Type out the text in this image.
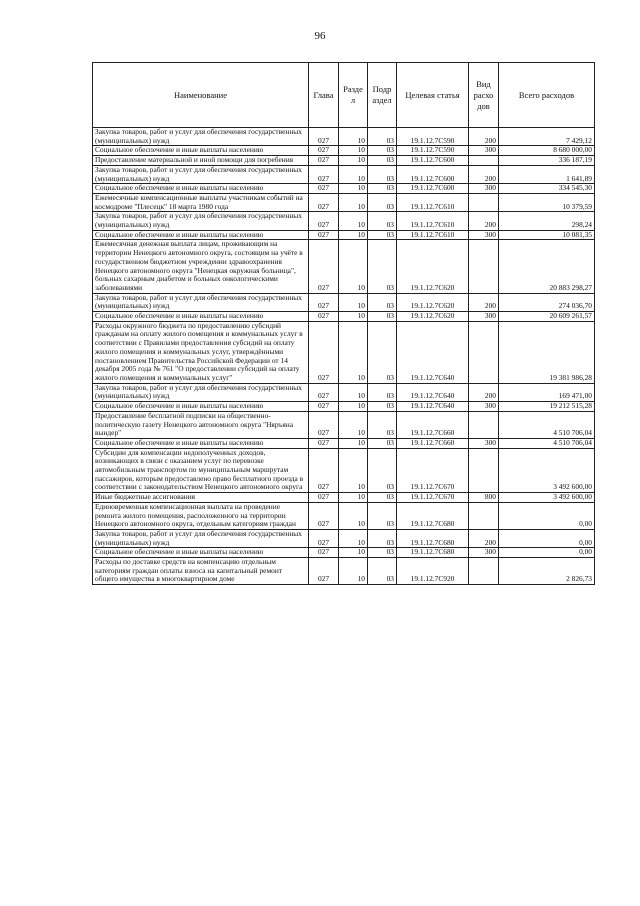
96
Наименование	Глава	Разде л	Подр аздел	Целевая статья	Вид расхо дов	Всего расходов
Закупка товаров, работ и услуг для обеспечения государственных (муниципальных) нужд	027	10	03	19.1.12.7С590	200	7 429,12
Социальное обеспечение и иные выплаты населению	027	10	03	19.1.12.7С590	300	8 680 000,00
Предоставление материальной и иной помощи для погребения	027	10	03	19.1.12.7С600		336 187,19
Закупка товаров, работ и услуг для обеспечения государственных (муниципальных) нужд	027	10	03	19.1.12.7С600	200	1 641,89
Социальное обеспечение и иные выплаты населению	027	10	03	19.1.12.7С600	300	334 545,30
Ежемесячные компенсационные выплаты участникам событий на космодроме "Плесецк" 18 марта 1980 года	027	10	03	19.1.12.7С610		10 379,59
Закупка товаров, работ и услуг для обеспечения государственных (муниципальных) нужд	027	10	03	19.1.12.7С610	200	298,24
Социальное обеспечение и иные выплаты населению	027	10	03	19.1.12.7С610	300	10 081,35
Ежемесячная денежная выплата лицам, проживающим на территории Ненецкого автономного округа, состоящим на учёте в государственном бюджетном учреждении здравоохранения Ненецкого автономного округа "Ненецкая окружная больница", больных сахарным диабетом и больных онкологическими заболеваниями	027	10	03	19.1.12.7С620		20 883 298,27
Закупка товаров, работ и услуг для обеспечения государственных (муниципальных) нужд	027	10	03	19.1.12.7С620	200	274 036,70
Социальное обеспечение и иные выплаты населению	027	10	03	19.1.12.7С620	300	20 609 261,57
Расходы окружного бюджета по предоставлению субсидий гражданам на оплату жилого помещения и коммунальных услуг в соответствии с Правилами предоставления субсидий на оплату жилого помещения и коммунальных услуг, утверждёнными постановлением Правительства Российской Федерации от 14 декабря 2005 года № 761 "О предоставлении субсидий на оплату жилого помещения и коммунальных услуг"	027	10	03	19.1.12.7С640		19 381 986,28
Закупка товаров, работ и услуг для обеспечения государственных (муниципальных) нужд	027	10	03	19.1.12.7С640	200	169 471,00
Социальное обеспечение и иные выплаты населению	027	10	03	19.1.12.7С640	300	19 212 515,28
Предоставление бесплатной подписки на общественно-политическую газету Ненецкого автономного округа "Няръяна вындер"	027	10	03	19.1.12.7С660		4 510 706,04
Социальное обеспечение и иные выплаты населению	027	10	03	19.1.12.7С660	300	4 510 706,04
Субсидии для компенсации недополученных доходов, возникающих в связи с оказанием услуг по перевозке автомобильным транспортом по муниципальным маршрутам пассажиров, которым предоставлено право бесплатного проезда в соответствии с законодательством Ненецкого автономного округа	027	10	03	19.1.12.7С670		3 492 600,00
Иные бюджетные ассигнования	027	10	03	19.1.12.7С670	800	3 492 600,00
Единовременная компенсационная выплата на проведение ремонта жилого помещения, расположенного на территории Ненецкого автономного округа, отдельным категориям граждан	027	10	03	19.1.12.7С680		0,00
Закупка товаров, работ и услуг для обеспечения государственных (муниципальных) нужд	027	10	03	19.1.12.7С680	200	0,00
Социальное обеспечение и иные выплаты населению	027	10	03	19.1.12.7С680	300	0,00
Расходы по доставке средств на компенсацию отдельным категориям граждан оплаты взноса на капитальный ремонт общего имущества в многоквартирном доме	027	10	03	19.1.12.7С920		2 826,73
